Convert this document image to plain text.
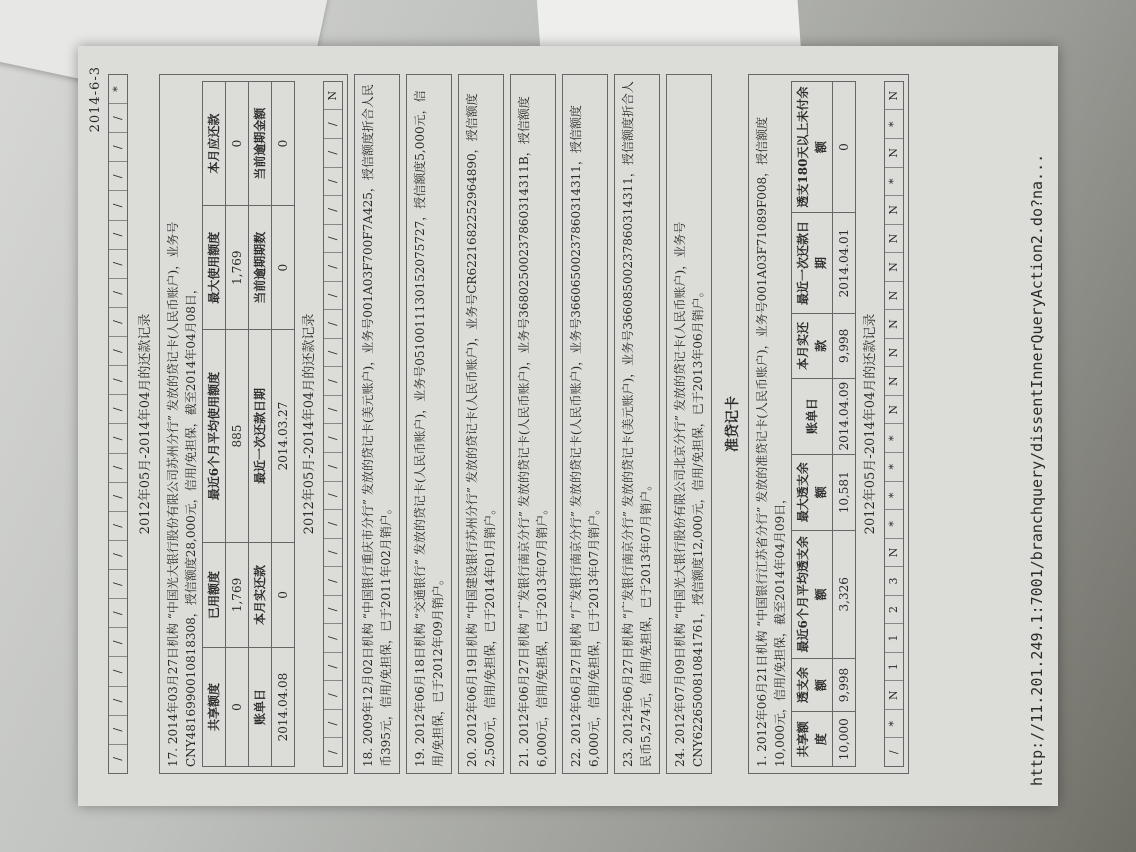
2014-6-3
/
/
/
/
/
/
/
/
/
/
/
/
/
/
/
/
/
/
/
/
/
/
/
*
2012年05月-2014年04月的还款记录 17. 2014年03月27日机构 “中国光大银行股份有限公司苏州分行” 发放的贷记卡(人民币账户)，业务号CNY4816990010818308，授信额度28,000元，信用/免担保，截至2014年04月08日， 共享额度	已用额度	最近6个月平均使用额度	最大使用额度	本月应还款
0	1,769	885	1,769	0
账单日	本月实还款	最近一次还款日期	当前逾期期数	当前逾期金额
2014.04.08	0	2014.03.27	0	0
2012年05月-2014年04月的还款记录
/
/
/
/
/
/
/
/
/
/
/
/
/
/
/
/
/
/
/
/
/
/
/
N	18. 2009年12月02日机构 “中国银行重庆市分行” 发放的贷记卡(美元账户)，业务号001A03F700F7A425，授信额度折合人民币395元，信用/免担保，已于2011年02月销户。	19. 2012年06月18日机构 “交通银行” 发放的贷记卡(人民币账户)，业务号0510011130152075727，授信额度5,000元，信用/免担保，已于2012年09月销户。	20. 2012年06月19日机构 “中国建设银行苏州分行” 发放的贷记卡(人民币账户)，业务号CR6221682252964890，授信额度2,500元，信用/免担保，已于2014年01月销户。	21. 2012年06月27日机构 “广发银行南京分行” 发放的贷记卡(人民币账户)，业务号36802500237860314311B，授信额度6,000元，信用/免担保，已于2013年07月销户。	22. 2012年06月27日机构 “广发银行南京分行” 发放的贷记卡(人民币账户)，业务号36606500237860314311，授信额度6,000元，信用/免担保，已于2013年07月销户。	23. 2012年06月27日机构 “广发银行南京分行” 发放的贷记卡(美元账户)，业务号36608500237860314311，授信额度折合人民币5,274元，信用/免担保，已于2013年07月销户。	24. 2012年07月09日机构 “中国光大银行股份有限公司北京分行” 发放的贷记卡(人民币账户)，业务号CNY6226500810841761，授信额度12,000元，信用/免担保，已于2013年06月销户。	准贷记卡 1. 2012年06月21日机构 “中国银行江苏省分行” 发放的准贷记卡(人民币账户)，业务号001A03F71089F008，授信额度10,000元，信用/免担保，截至2014年04月09日， 共享额度	透支余额	最近6个月平均透支余额	最大透支余额	账单日	本月实还款	最近一次还款日期	透支180天以上未付余额
10,000	9,998	3,326	10,581	2014.04.09	9,998	2014.04.01	0
2012年05月-2014年04月的还款记录
/
*
N
1
1
2
3
N
*
*
*
*
N
N
N
N
N
N
N
N
*
N
*
N
http://11.201.249.1:7001/branchquery/dissentInnerQueryAction2.do?na...
